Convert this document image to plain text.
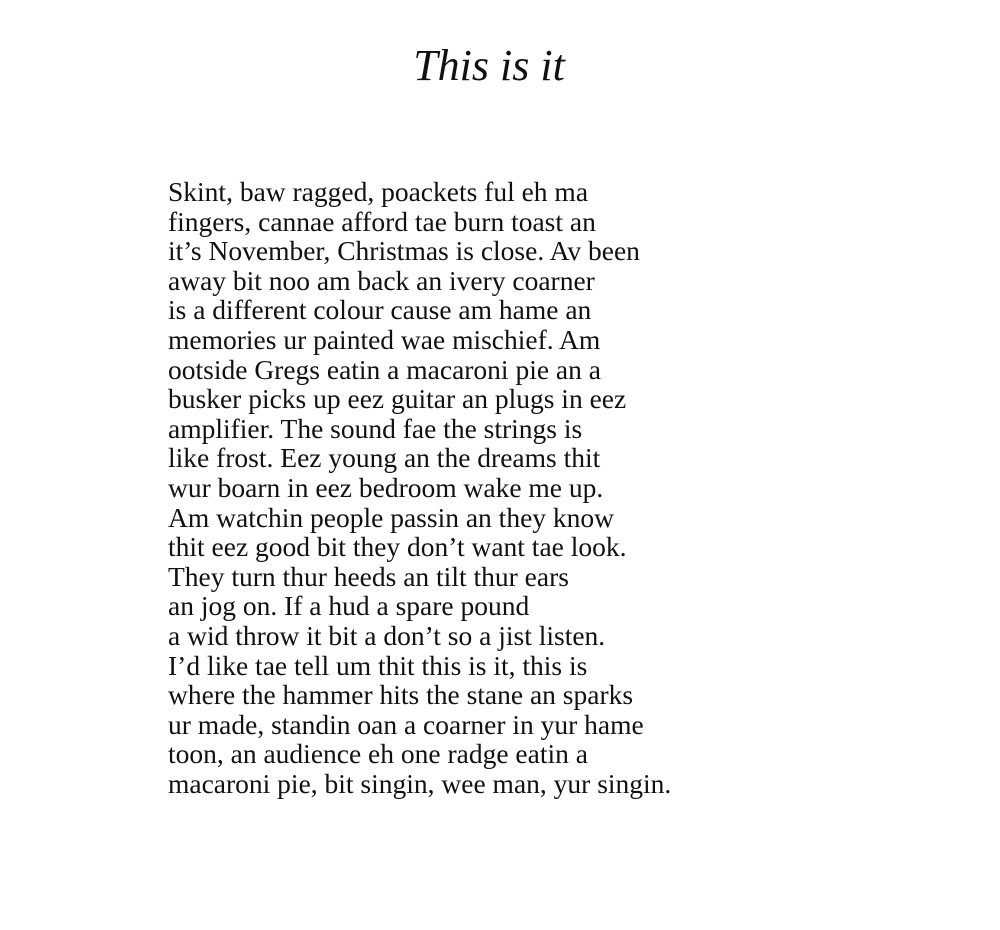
This is it
Skint, baw ragged, poackets ful eh ma
fingers, cannae afford tae burn toast an
it’s November, Christmas is close. Av been
away bit noo am back an ivery coarner
is a different colour cause am hame an
memories ur painted wae mischief. Am
ootside Gregs eatin a macaroni pie an a
busker picks up eez guitar an plugs in eez
amplifier. The sound fae the strings is
like frost. Eez young an the dreams thit
wur boarn in eez bedroom wake me up.
Am watchin people passin an they know
thit eez good bit they don’t want tae look.
They turn thur heeds an tilt thur ears
an jog on. If a hud a spare pound
a wid throw it bit a don’t so a jist listen.
I’d like tae tell um thit this is it, this is
where the hammer hits the stane an sparks
ur made, standin oan a coarner in yur hame
toon, an audience eh one radge eatin a
macaroni pie, bit singin, wee man, yur singin.
